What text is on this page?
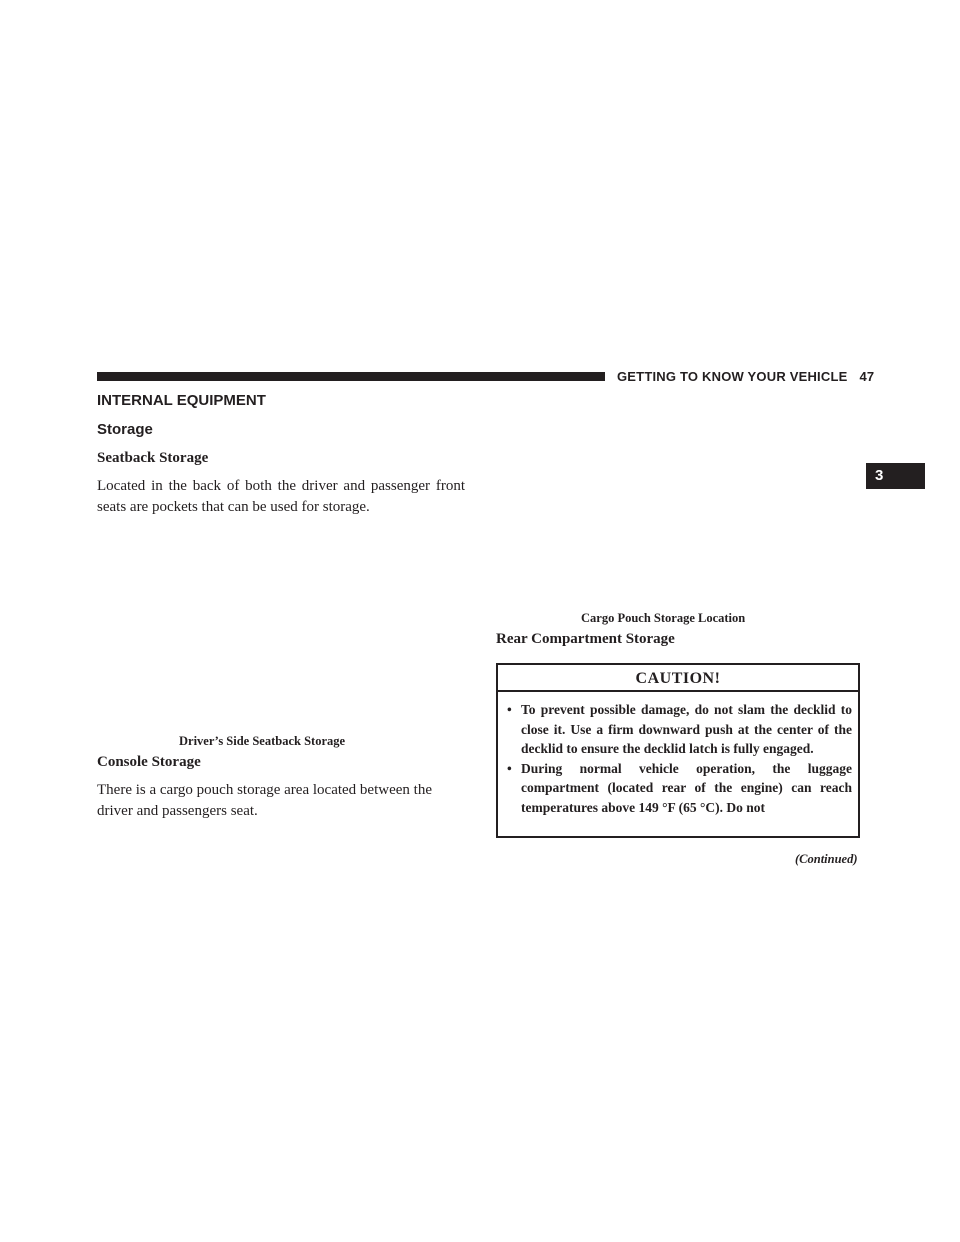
GETTING TO KNOW YOUR VEHICLE 47
3
INTERNAL EQUIPMENT
Storage
Seatback Storage
Located in the back of both the driver and passenger front seats are pockets that can be used for storage.
Driver’s Side Seatback Storage
Console Storage
There is a cargo pouch storage area located between the driver and passengers seat.
Cargo Pouch Storage Location
Rear Compartment Storage
CAUTION!
• To prevent possible damage, do not slam the decklid to close it. Use a firm downward push at the center of the decklid to ensure the decklid latch is fully engaged.
• During normal vehicle operation, the luggage compartment (located rear of the engine) can reach temperatures above 149 °F (65 °C). Do not
(Continued)
